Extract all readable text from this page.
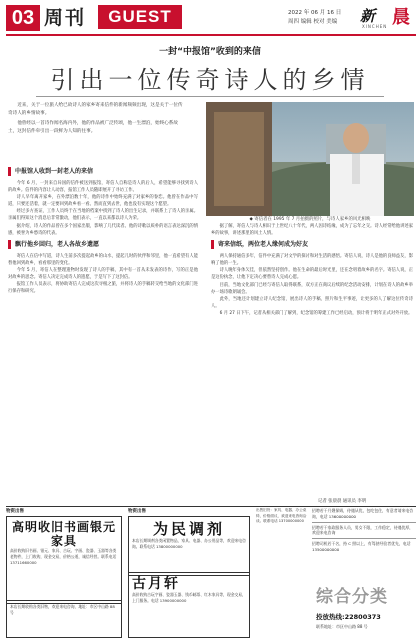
03 周刊	GUEST	2022 年 06 月 16 日
周四 编辑 校对 美编 新 晨
XINCHEN
一封“中报馆”收到的来信
引出一位传奇诗人的乡情

近来，关于一位旅人给已故诗人的家乡寄来信件的新闻频频出现，这是关于一位传奇诗人的乡情故事。

他曾经以一首诗作闻名海内外，他的作品被广泛传颂，他一生漂泊，始终心系故土，这封信件牵引出一段鲜为人知的往事。

中报馆人收到一封老人的来信

今年 6 月，一封来自异国的信件被送到报馆，寄信人自称是诗人的后人，希望能够寻找到诗人的故乡。信件的内容让人动容，报馆工作人员随即展开了寻访工作。

诗人早年离开家乡，在外漂泊数十年，他的诗作中始终充满了对家乡的眷恋。他曾在作品中写道，只要还活着，就一定要回到故乡看一看。然而直到去世，他也没有实现这个愿望。

经过多方查证，工作人员终于在当地的档案中找到了诗人的出生记录，并联系上了诗人的亲属。亲属们得知这个消息后非常激动，他们表示，一直以来都以诗人为荣。

据介绍，诗人的作品曾在多个国家出版，影响了几代读者。他的诗歌以质朴的语言表达深沉的情感，被誉为乡愁诗的代表。

飘行他乡回归，老人各故乡遗愿

寄信人在信中写道，诗人生前多次提起故乡的山水，提起儿时的伙伴和邻里，他一直希望有人能替他回到故乡，看看那里的变化。

今年 5 月，寄信人在整理遗物时发现了诗人的手稿，其中有一首从未发表的诗作，写的正是他对故乡的思念。寄信人决定完成诗人的遗愿，于是写下了这封信。

报馆工作人员表示，将协助寄信人完成这次寻根之旅，并将诗人的手稿转交给当地的文化部门进行保存和研究。

◆ 寄信者在 1995 年 7 月拍摄的照片，与诗人家乡的风光相映

据了解，寄信人与诗人相识于上世纪八十年代，两人因诗结缘，成为了忘年之交。诗人经常给他讲述家乡的故事，讲述那里的风土人情。

寄来信纸，两位老人缘何成为好友

两人保持通信多年，信件中充满了对文学的探讨和对生活的感悟。寄信人说，诗人是他的良师益友，影响了他的一生。

诗人晚年身体欠佳，但依然坚持创作。他在生命的最后时光里，还在念叨着故乡的名字。寄信人说，正是这份执念，让他下定决心要替诗人完成心愿。

目前，当地文化部门已经与寄信人取得联系，双方正在商议后续的纪念活动安排，计划在诗人的故乡举办一场诗歌朗诵会。

此外，当地还计划建立诗人纪念馆，展出诗人的手稿、照片和生平事迹，让更多的人了解这位传奇诗人。

6 月 27 日下午，记者从相关部门了解到，纪念馆的筹建工作已经启动，预计将于明年正式对外开放。

记者 张晨晨 通讯员 李明
物资出售
高明收旧书画银元家具
高价收购旧书画、银元、家具、古玩、字画、瓷器、玉器等各类老物件，上门收购，现金交易，价格公道，诚信经营。联系电话 13711660000
本店长期收购各类旧物，欢迎来电咨询，地址：市区中山路 88 号
物资出售
为民调剂
本店长期调剂各类闲置物品，家具、电器、办公用品等，欢迎来电咨询。联系电话 13800000000
古月轩
高价收购古玩字画、瓷器玉器、钱币邮票、红木家具等，现金交易，上门服务。电话 13900000000
出售旧货：家具、电器、办公桌椅，价格面议，欢迎来电咨询洽谈。联系电话 13700000000
招聘若干月嫂保姆，待遇从优，包吃包住，有意者请来电咨询，电话 13600000000
招聘若干家政服务人员，男女不限，工作稳定，待遇优厚，欢迎来电咨询
招聘司机若干名，持 C 照以上，有驾驶经验者优先，电话 13500000000
综合分类
投放热线:22800373
联系地址：市区中山路 88 号
